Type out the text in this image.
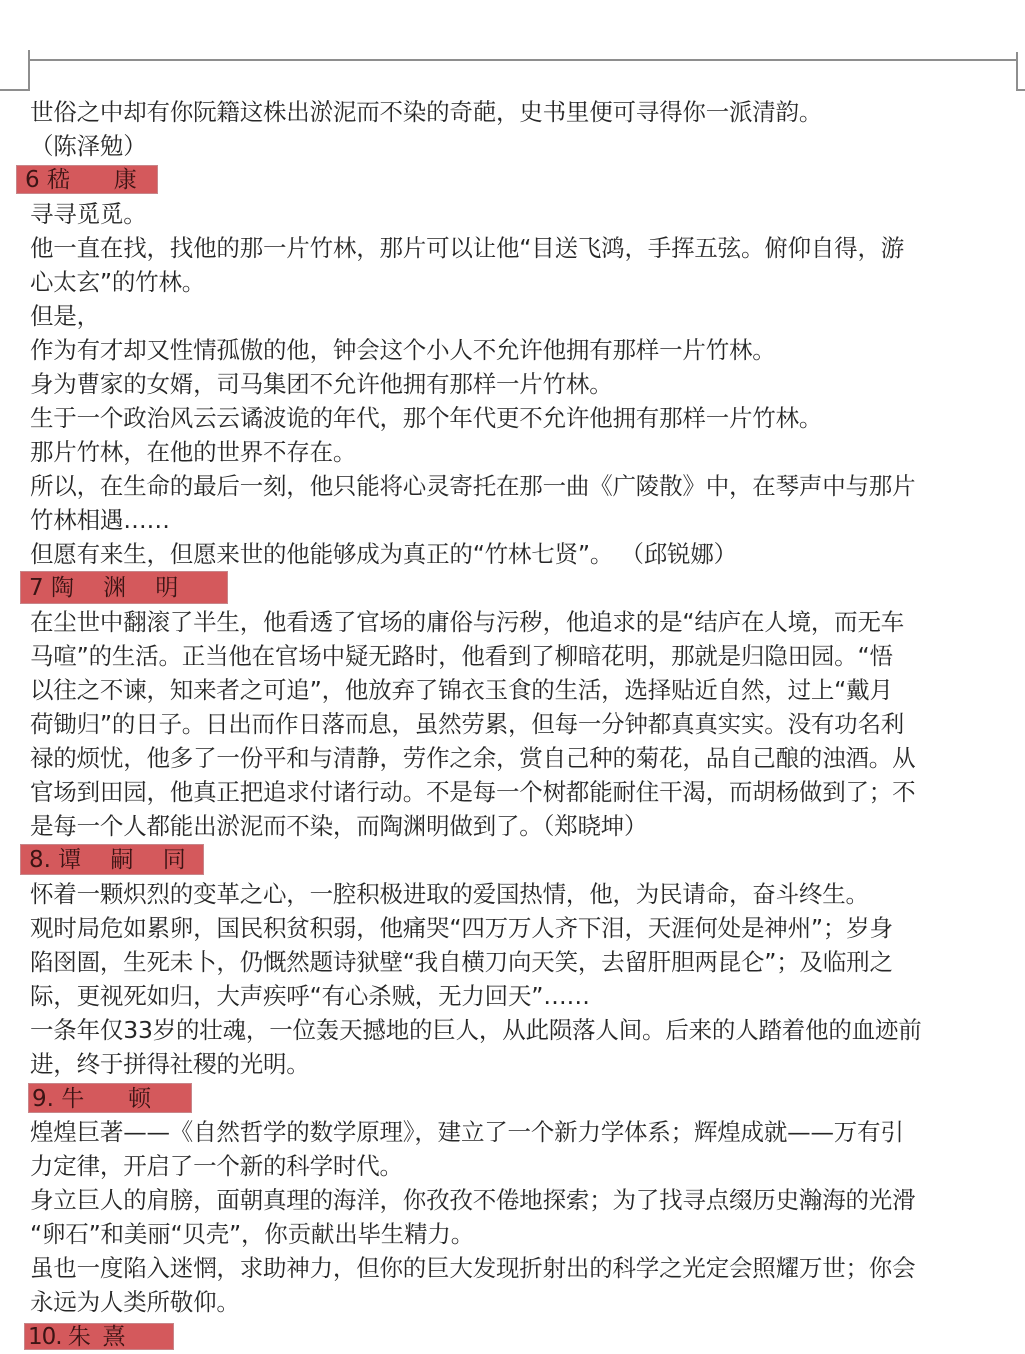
世俗之中却有你阮籍这株出淤泥而不染的奇葩，史书里便可寻得你一派清韵。
（陈泽勉）
6 嵇      康
寻寻觅觅。
他一直在找，找他的那一片竹林，那片可以让他“目送飞鸿，手挥五弦。俯仰自得，游
心太玄”的竹林。
但是，
作为有才却又性情孤傲的他，钟会这个小人不允许他拥有那样一片竹林。
身为曹家的女婿，司马集团不允许他拥有那样一片竹林。
生于一个政治风云云谲波诡的年代，那个年代更不允许他拥有那样一片竹林。
那片竹林，在他的世界不存在。
所以，在生命的最后一刻，他只能将心灵寄托在那一曲《广陵散》中，在琴声中与那片
竹林相遇……
但愿有来生，但愿来世的他能够成为真正的“竹林七贤”。 （邱锐娜）
7 陶    渊    明
在尘世中翻滚了半生，他看透了官场的庸俗与污秽，他追求的是“结庐在人境，而无车
马喧”的生活。正当他在官场中疑无路时，他看到了柳暗花明，那就是归隐田园。“悟
以往之不谏，知来者之可追”，他放弃了锦衣玉食的生活，选择贴近自然，过上“戴月
荷锄归”的日子。日出而作日落而息，虽然劳累，但每一分钟都真真实实。没有功名利
禄的烦忧，他多了一份平和与清静，劳作之余，赏自己种的菊花，品自己酿的浊酒。从
官场到田园，他真正把追求付诸行动。不是每一个树都能耐住干渴，而胡杨做到了；不
是每一个人都能出淤泥而不染，而陶渊明做到了。（郑晓坤）
8. 谭    嗣    同
怀着一颗炽烈的变革之心，一腔积极进取的爱国热情，他，为民请命，奋斗终生。
观时局危如累卵，国民积贫积弱，他痛哭“四万万人齐下泪，天涯何处是神州”；岁身
陷囹圄，生死未卜，仍慨然题诗狱壁“我自横刀向天笑，去留肝胆两昆仑”；及临刑之
际，更视死如归，大声疾呼“有心杀贼，无力回天”……
一条年仅33岁的壮魂，一位轰天撼地的巨人，从此陨落人间。后来的人踏着他的血迹前
进，终于拼得社稷的光明。
9. 牛      顿
煌煌巨著——《自然哲学的数学原理》，建立了一个新力学体系；辉煌成就——万有引
力定律，开启了一个新的科学时代。
身立巨人的肩膀，面朝真理的海洋，你孜孜不倦地探索；为了找寻点缀历史瀚海的光滑
“卵石”和美丽“贝壳”，你贡献出毕生精力。
虽也一度陷入迷惘，求助神力，但你的巨大发现折射出的科学之光定会照耀万世；你会
永远为人类所敬仰。
10. 朱  熹
